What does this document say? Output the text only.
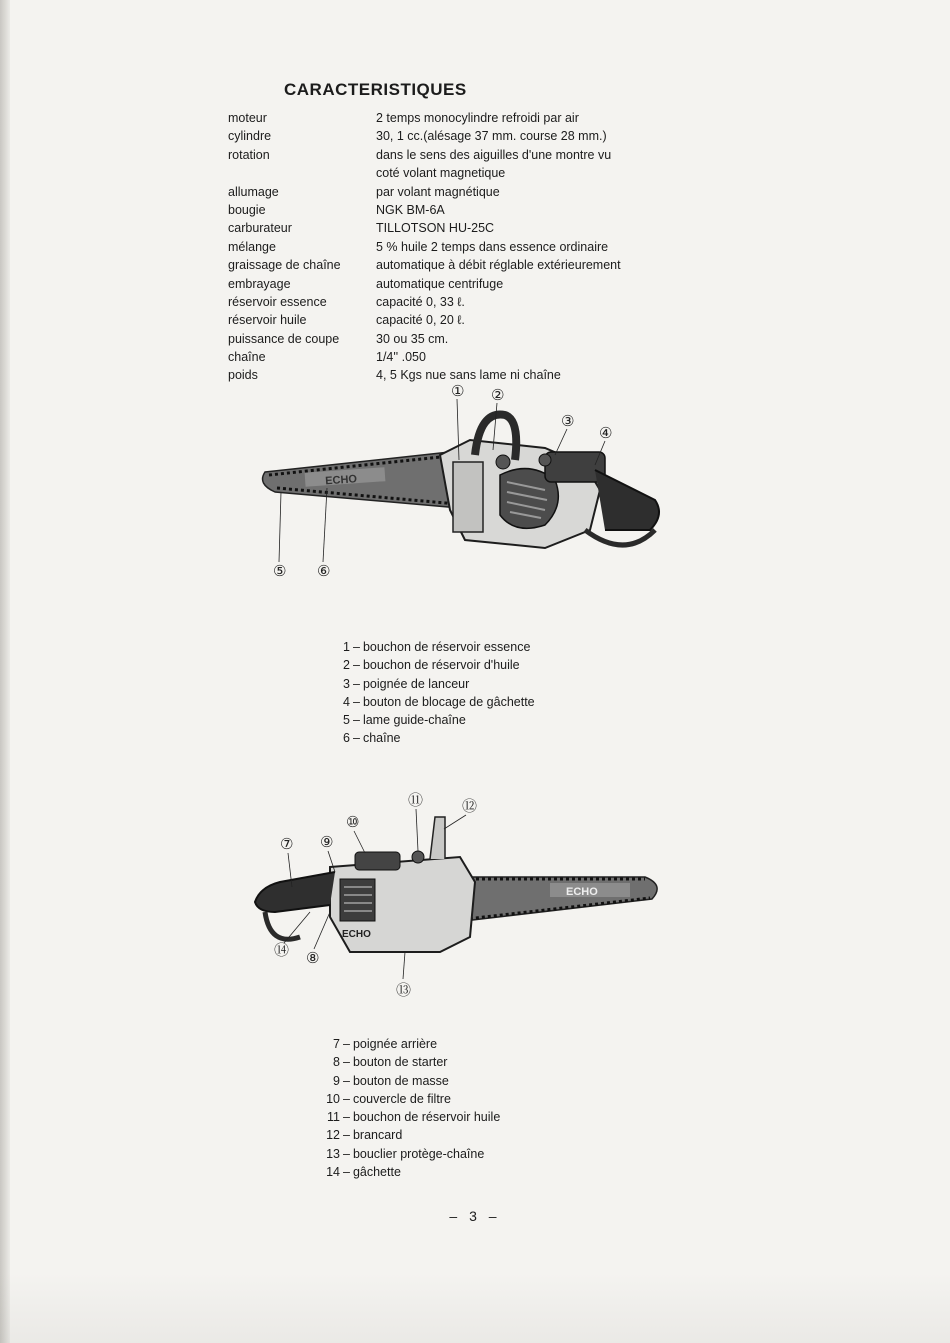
CARACTERISTIQUES
moteur	2 temps monocylindre refroidi par air
cylindre	30, 1 cc.(alésage 37 mm. course 28 mm.)
rotation	dans le sens des aiguilles d'une montre vu
coté volant magnetique
allumage	par volant magnétique
bougie	NGK BM-6A
carburateur	TILLOTSON HU-25C
mélange	5 % huile 2 temps dans essence ordinaire
graissage de chaîne	automatique à débit réglable extérieurement
embrayage	automatique centrifuge
réservoir essence	capacité 0, 33 ℓ.
réservoir huile	capacité 0, 20 ℓ.
puissance de coupe	30 ou 35 cm.
chaîne	1/4'' .050
poids	4, 5 Kgs nue sans lame ni chaîne
ECHO
① ②
③
④
⑤ ⑥
1 – bouchon de réservoir essence
2 – bouchon de réservoir d'huile
3 – poignée de lanceur
4 – bouton de blocage de gâchette
5 – lame guide-chaîne
6 – chaîne
ECHO
ECHO
⑦
⑧
⑨
⑩
⑪	⑫
⑬
⑭
7 – poignée arrière
8 – bouton de starter
9 – bouton de masse
10 – couvercle de filtre
11 – bouchon de réservoir huile
12 – brancard
13 – bouclier protège-chaîne
14 – gâchette
– 3 –
